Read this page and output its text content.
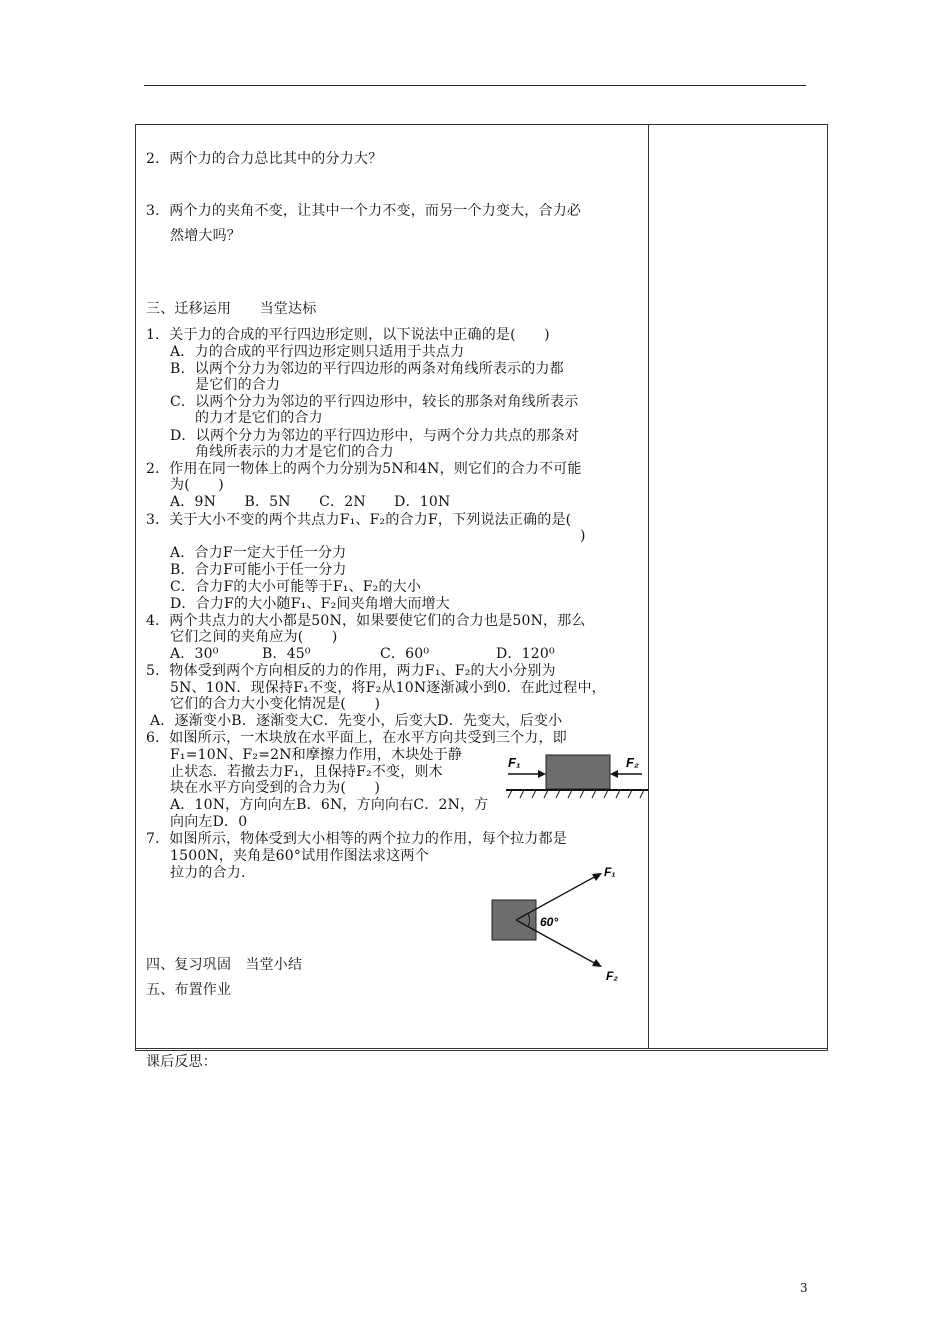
2．两个力的合力总比其中的分力大？
3．两个力的夹角不变，让其中一个力不变，而另一个力变大，合力必
然增大吗？
三、迁移运用　　当堂达标
1．关于力的合成的平行四边形定则，以下说法中正确的是(　　)
A．力的合成的平行四边形定则只适用于共点力
B．以两个分力为邻边的平行四边形的两条对角线所表示的力都
是它们的合力
C．以两个分力为邻边的平行四边形中，较长的那条对角线所表示
的力才是它们的合力
D．以两个分力为邻边的平行四边形中，与两个分力共点的那条对
角线所表示的力才是它们的合力
2．作用在同一物体上的两个力分别为5N和4N，则它们的合力不可能
为(　　)
A．9N　　B．5N　　C．2N　　D．10N
3．关于大小不变的两个共点力F₁、F₂的合力F，下列说法正确的是(
)
A．合力F一定大于任一分力
B．合力F可能小于任一分力
C．合力F的大小可能等于F₁、F₂的大小
D．合力F的大小随F₁、F₂间夹角增大而增大
4．两个共点力的大小都是50N，如果要使它们的合力也是50N，那么
它们之间的夹角应为(　　)
A．30⁰	B．45⁰	C．60⁰	D．120⁰
5．物体受到两个方向相反的力的作用，两力F₁、F₂的大小分别为
5N、10N．现保持F₁不变，将F₂从10N逐渐减小到0．在此过程中，
它们的合力大小变化情况是(　　)
A．逐渐变小B．逐渐变大C．先变小，后变大D．先变大，后变小
6．如图所示，一木块放在水平面上，在水平方向共受到三个力，即
F₁=10N、F₂=2N和摩擦力作用，木块处于静
止状态．若撤去力F₁，且保持F₂不变，则木
块在水平方向受到的合力为(　　)
A．10N，方向向左B．6N，方向向右C．2N，方
向向左D．0
F₁	F₂
7．如图所示，物体受到大小相等的两个拉力的作用，每个拉力都是
1500N，夹角是60°试用作图法求这两个
拉力的合力．	F₁
F₂
60°
四、复习巩固　当堂小结
五、布置作业
课后反思：
3
